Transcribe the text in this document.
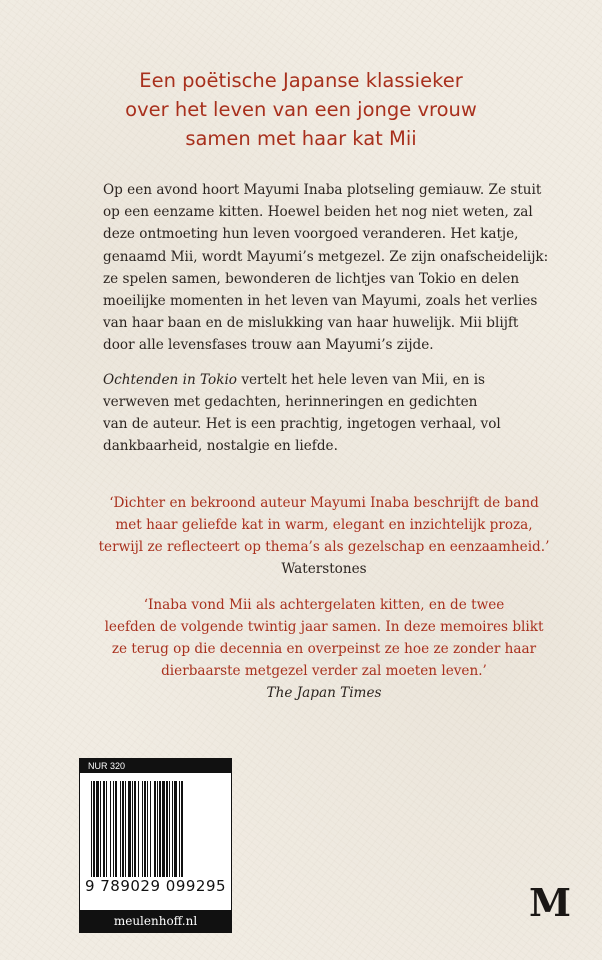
Een poëtische Japanse klassieker
over het leven van een jonge vrouw
samen met haar kat Mii

Op een avond hoort Mayumi Inaba plotseling gemiauw. Ze stuit
op een eenzame kitten. Hoewel beiden het nog niet weten, zal
deze ontmoeting hun leven voorgoed veranderen. Het katje,
genaamd Mii, wordt Mayumi’s metgezel. Ze zijn onafscheidelijk:
ze spelen samen, bewonderen de lichtjes van Tokio en delen
moeilijke momenten in het leven van Mayumi, zoals het verlies
van haar baan en de mislukking van haar huwelijk. Mii blijft
door alle levensfases trouw aan Mayumi’s zijde.

Ochtenden in Tokio vertelt het hele leven van Mii, en is
verweven met gedachten, herinneringen en gedichten
van de auteur. Het is een prachtig, ingetogen verhaal, vol
dankbaarheid, nostalgie en liefde.

‘Dichter en bekroond auteur Mayumi Inaba beschrijft de band
met haar geliefde kat in warm, elegant en inzichtelijk proza,
terwijl ze reflecteert op thema’s als gezelschap en eenzaamheid.’
Waterstones
‘Inaba vond Mii als achtergelaten kitten, en de twee
leefden de volgende twintig jaar samen. In deze memoires blikt
ze terug op die decennia en overpeinst ze hoe ze zonder haar
dierbaarste metgezel verder zal moeten leven.’
The Japan Times
NUR 320
9 789029 099295
meulenhoff.nl	M
